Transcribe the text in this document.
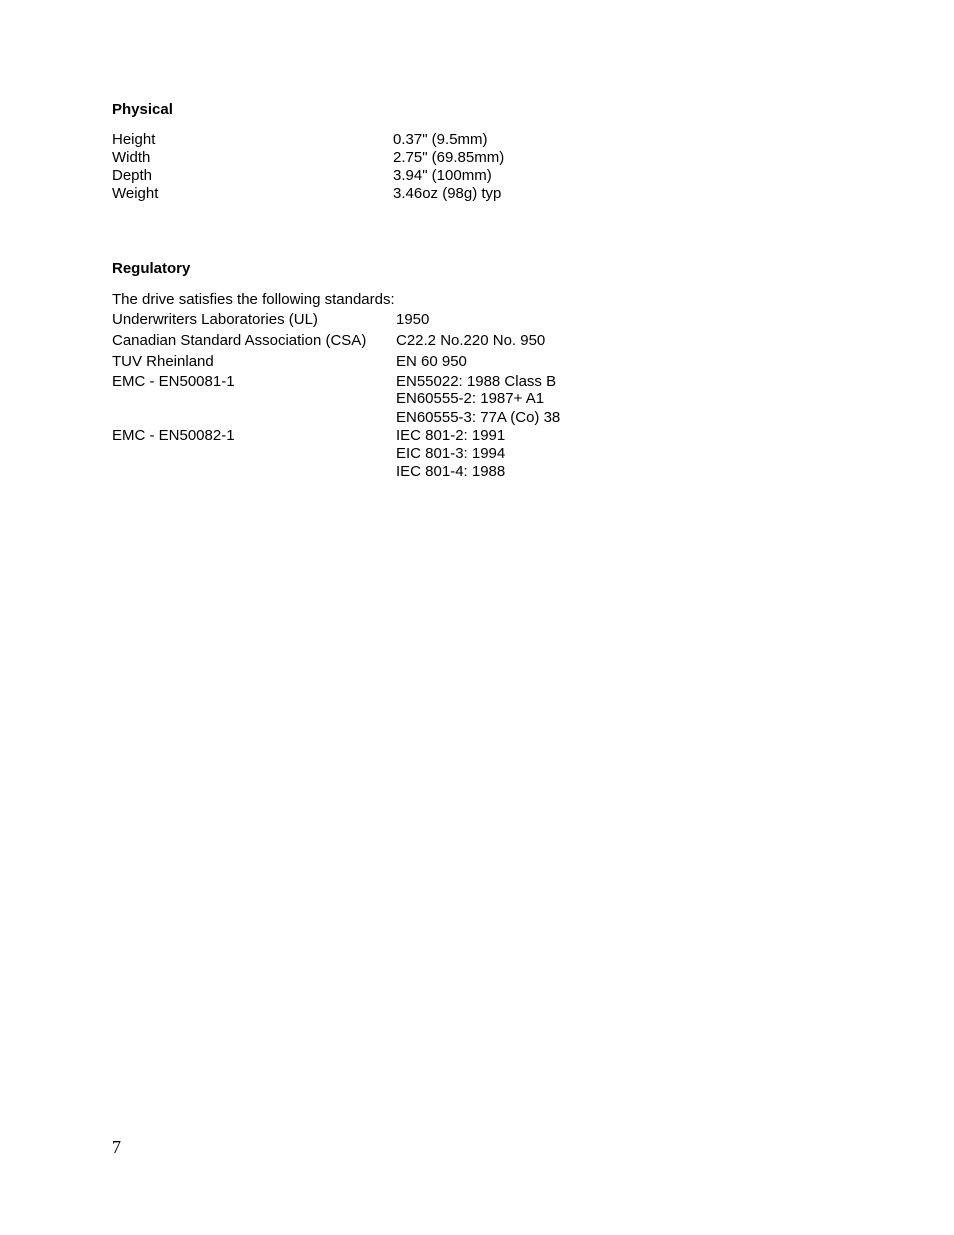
Physical
Height	0.37" (9.5mm)
Width	2.75" (69.85mm)
Depth	3.94" (100mm)
Weight	3.46oz (98g) typ
Regulatory
The drive satisfies the following standards:
Underwriters Laboratories (UL)	1950
Canadian Standard Association (CSA) C22.2 No.220 No. 950
TUV Rheinland	EN 60 950
EMC - EN50081-1	EN55022: 1988 Class B
EN60555-2: 1987+ A1
EN60555-3: 77A (Co) 38
EMC - EN50082-1	IEC 801-2: 1991
EIC 801-3: 1994
IEC 801-4: 1988
7
